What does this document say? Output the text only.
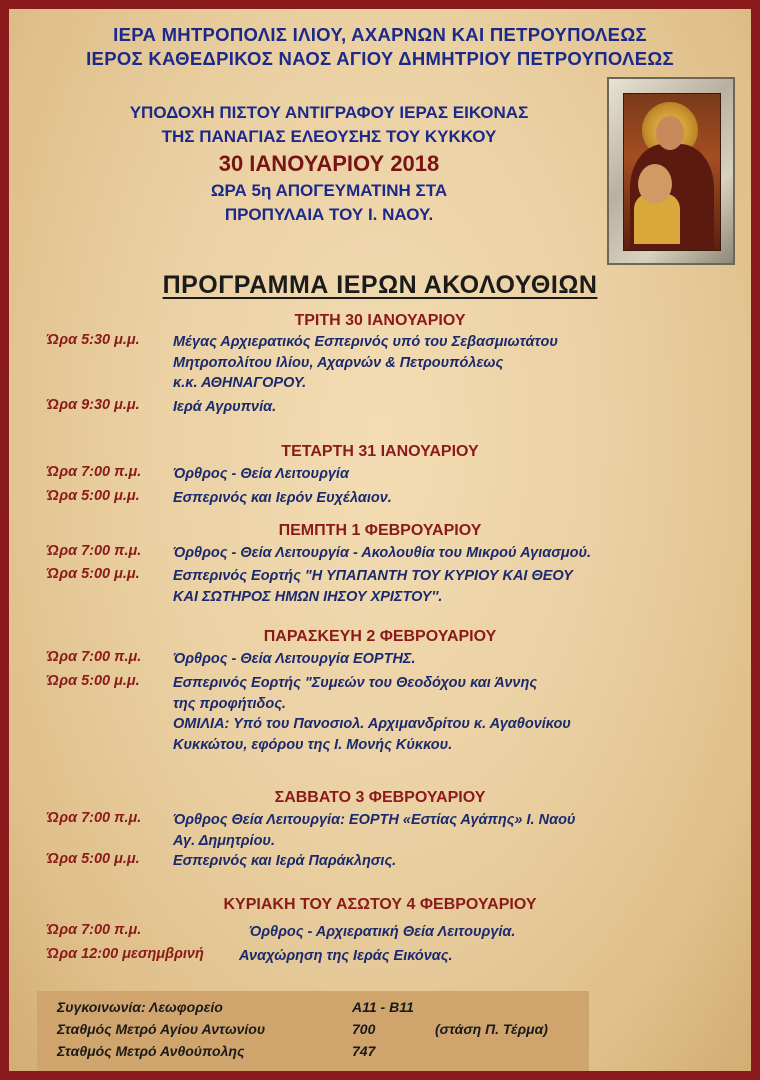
ΙΕΡΑ ΜΗΤΡΟΠΟΛΙΣ ΙΛΙΟΥ, ΑΧΑΡΝΩΝ ΚΑΙ ΠΕΤΡΟΥΠΟΛΕΩΣ
ΙΕΡΟΣ ΚΑΘΕΔΡΙΚΟΣ ΝΑΟΣ ΑΓΙΟΥ ΔΗΜΗΤΡΙΟΥ ΠΕΤΡΟΥΠΟΛΕΩΣ
ΥΠΟΔΟΧΗ ΠΙΣΤΟΥ ΑΝΤΙΓΡΑΦΟΥ ΙΕΡΑΣ ΕΙΚΟΝΑΣ
ΤΗΣ ΠΑΝΑΓΙΑΣ ΕΛΕΟΥΣΗΣ ΤΟΥ ΚΥΚΚΟΥ
30 ΙΑΝΟΥΑΡΙΟΥ 2018
ΩΡΑ 5η ΑΠΟΓΕΥΜΑΤΙΝΗ ΣΤΑ
ΠΡΟΠΥΛΑΙΑ ΤΟΥ Ι. ΝΑΟΥ.
ΠΡΟΓΡΑΜΜΑ ΙΕΡΩΝ ΑΚΟΛΟΥΘΙΩΝ
ΤΡΙΤΗ 30 ΙΑΝΟΥΑΡΙΟΥ
Ώρα 5:30 μ.μ. Μέγας Αρχιερατικός Εσπερινός υπό του Σεβασμιωτάτου
Μητροπολίτου Ιλίου, Αχαρνών & Πετρουπόλεως
κ.κ. ΑΘΗΝΑΓΟΡΟΥ.
Ώρα 9:30 μ.μ. Ιερά Αγρυπνία.
ΤΕΤΑΡΤΗ 31 ΙΑΝΟΥΑΡΙΟΥ
Ώρα 7:00 π.μ. Όρθρος - Θεία Λειτουργία
Ώρα 5:00 μ.μ. Εσπερινός και Ιερόν Ευχέλαιον.
ΠΕΜΠΤΗ 1 ΦΕΒΡΟΥΑΡΙΟΥ
Ώρα 7:00 π.μ. Όρθρος - Θεία Λειτουργία - Ακολουθία του Μικρού Αγιασμού.
Ώρα 5:00 μ.μ. Εσπερινός Εορτής "Η ΥΠΑΠΑΝΤΗ ΤΟΥ ΚΥΡΙΟΥ ΚΑΙ ΘΕΟΥ
ΚΑΙ ΣΩΤΗΡΟΣ ΗΜΩΝ ΙΗΣΟΥ ΧΡΙΣΤΟΥ''.
ΠΑΡΑΣΚΕΥΗ 2 ΦΕΒΡΟΥΑΡΙΟΥ
Ώρα 7:00 π.μ. Όρθρος - Θεία Λειτουργία ΕΟΡΤΗΣ.
Ώρα 5:00 μ.μ. Εσπερινός Εορτής "Συμεών του Θεοδόχου και Άννης
της προφήτιδος.
ΟΜΙΛΙΑ: Υπό του Πανοσιολ. Αρχιμανδρίτου κ. Αγαθονίκου
Κυκκώτου, εφόρου της Ι. Μονής Κύκκου.
ΣΑΒΒΑΤΟ 3 ΦΕΒΡΟΥΑΡΙΟΥ
Ώρα 7:00 π.μ. Όρθρος Θεία Λειτουργία: ΕΟΡΤΗ «Εστίας Αγάπης» Ι. Ναού
Αγ. Δημητρίου.
Ώρα 5:00 μ.μ. Εσπερινός και Ιερά Παράκλησις.
ΚΥΡΙΑΚΗ ΤΟΥ ΑΣΩΤΟΥ 4 ΦΕΒΡΟΥΑΡΙΟΥ
Ώρα 7:00 π.μ.	Όρθρος - Αρχιερατική Θεία Λειτουργία.
Ώρα 12:00 μεσημβρινή Αναχώρηση της Ιεράς Εικόνας.
Συγκοινωνία: Λεωφορείο	Α11 - Β11
Σταθμός Μετρό Αγίου Αντωνίου	700	(στάση Π. Τέρμα)
Σταθμός Μετρό Ανθούπολης	747
